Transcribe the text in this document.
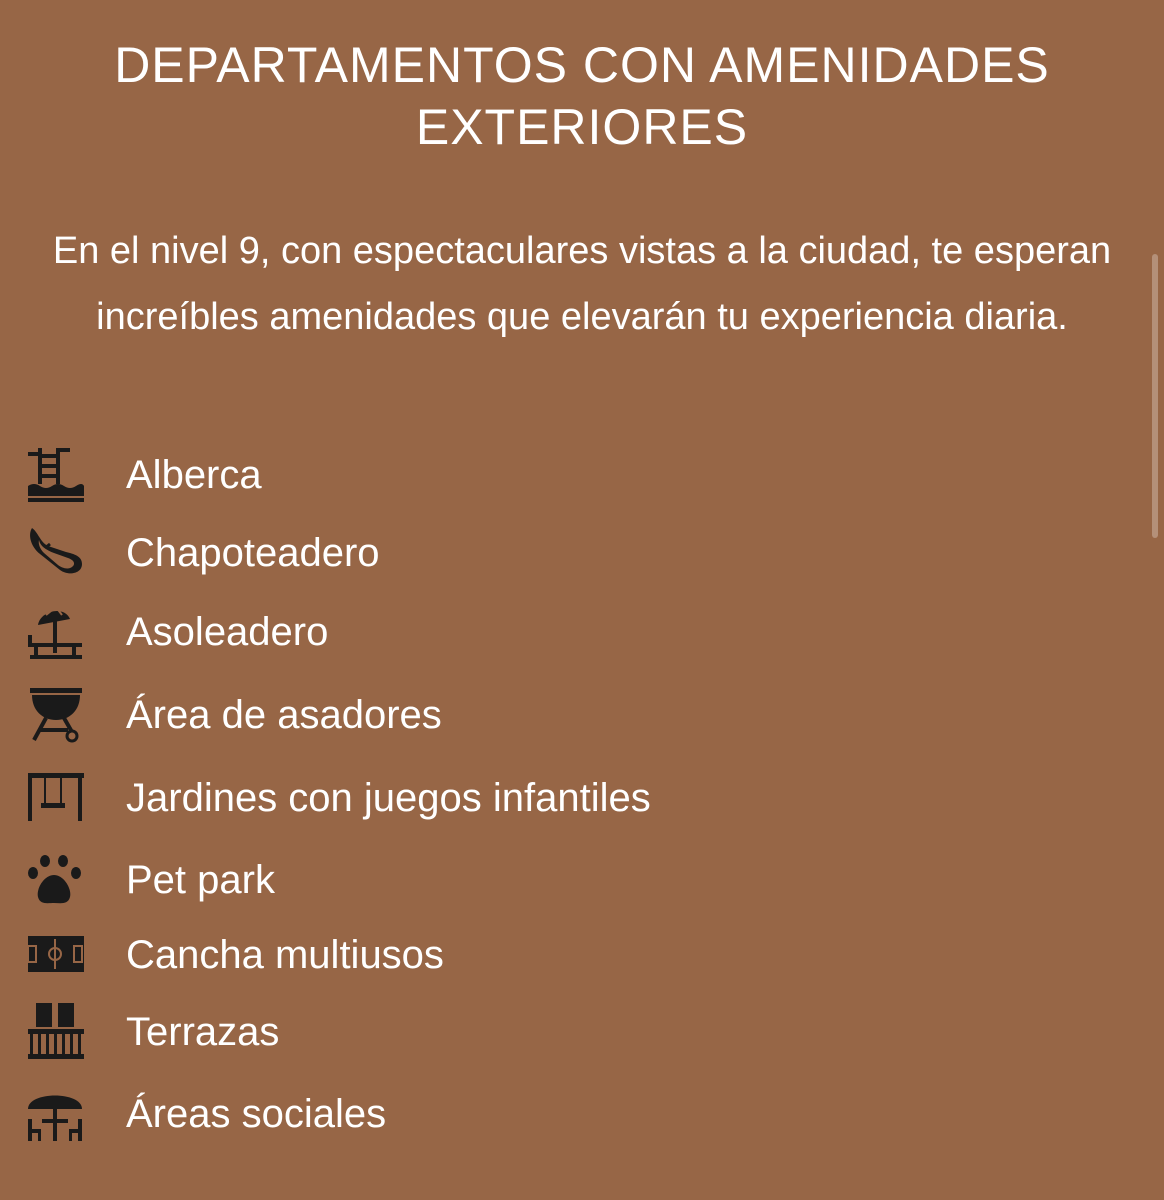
DEPARTAMENTOS CON AMENIDADES
EXTERIORES

En el nivel 9, con espectaculares vistas a la ciudad, te esperan increíbles amenidades que elevarán tu experiencia diaria.

Alberca
Chapoteadero
Asoleadero
Área de asadores
Jardines con juegos infantiles
Pet park
Cancha multiusos
Terrazas
Áreas sociales
